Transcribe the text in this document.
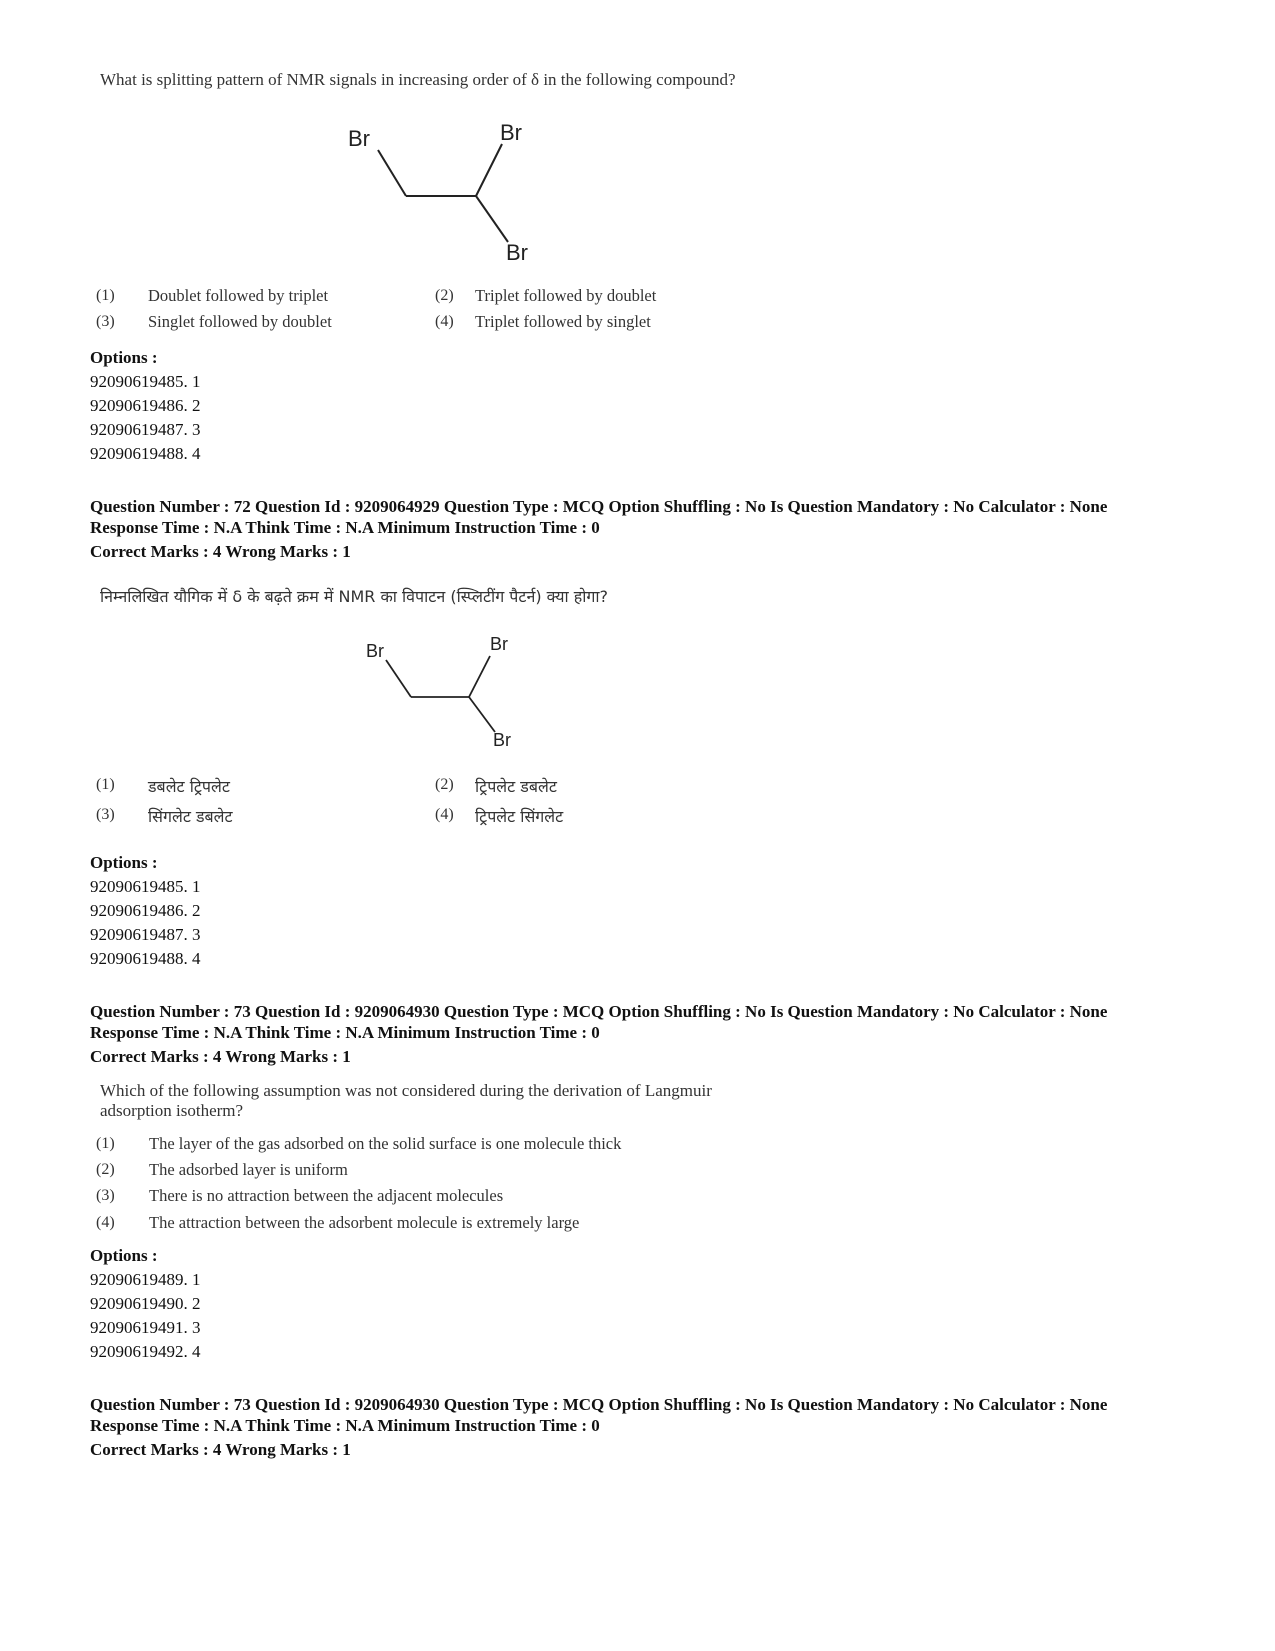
What is splitting pattern of NMR signals in increasing order of δ in the following compound?
Br	Br
Br
(1) Doublet followed by triplet	(2) Triplet followed by doublet
(3) Singlet followed by doublet	(4) Triplet followed by singlet
Options :
92090619485. 1
92090619486. 2
92090619487. 3
92090619488. 4
Question Number : 72 Question Id : 9209064929 Question Type : MCQ Option Shuffling : No Is Question Mandatory : No Calculator : None
Response Time : N.A Think Time : N.A Minimum Instruction Time : 0
Correct Marks : 4 Wrong Marks : 1
निम्नलिखित यौगिक में δ के बढ़ते क्रम में NMR का विपाटन (स्प्लिटींग पैटर्न) क्या होगा?
Br	Br
Br
(1) डबलेट ट्रिपलेट	(2) ट्रिपलेट डबलेट
(3) सिंगलेट डबलेट	(4) ट्रिपलेट सिंगलेट
Options :
92090619485. 1
92090619486. 2
92090619487. 3
92090619488. 4
Question Number : 73 Question Id : 9209064930 Question Type : MCQ Option Shuffling : No Is Question Mandatory : No Calculator : None
Response Time : N.A Think Time : N.A Minimum Instruction Time : 0
Correct Marks : 4 Wrong Marks : 1
Which of the following assumption was not considered during the derivation of Langmuir
adsorption isotherm?
(1) The layer of the gas adsorbed on the solid surface is one molecule thick
(2) The adsorbed layer is uniform
(3) There is no attraction between the adjacent molecules
(4) The attraction between the adsorbent molecule is extremely large
Options :
92090619489. 1
92090619490. 2
92090619491. 3
92090619492. 4
Question Number : 73 Question Id : 9209064930 Question Type : MCQ Option Shuffling : No Is Question Mandatory : No Calculator : None
Response Time : N.A Think Time : N.A Minimum Instruction Time : 0
Correct Marks : 4 Wrong Marks : 1
